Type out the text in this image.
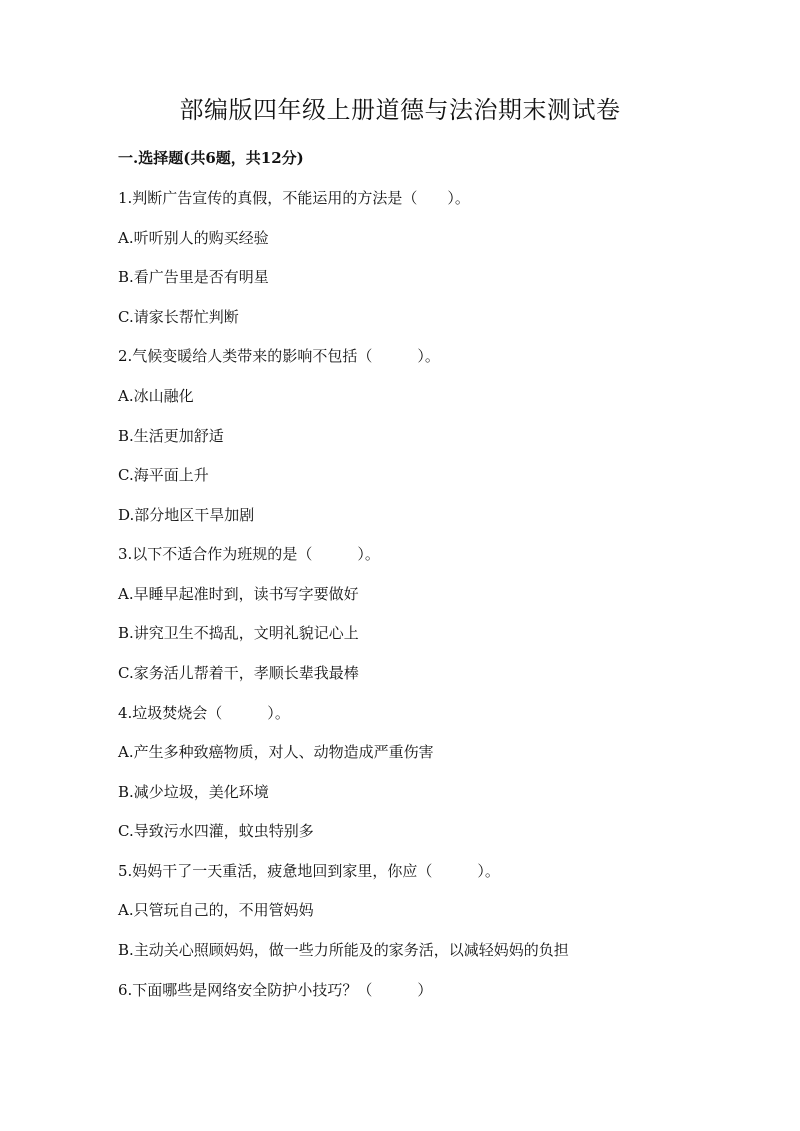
部编版四年级上册道德与法治期末测试卷
一.选择题(共6题，共12分)
1.判断广告宣传的真假，不能运用的方法是（　　）。
A.听听别人的购买经验
B.看广告里是否有明星
C.请家长帮忙判断
2.气候变暖给人类带来的影响不包括（　　　）。
A.冰山融化
B.生活更加舒适
C.海平面上升
D.部分地区干旱加剧
3.以下不适合作为班规的是（　　　）。
A.早睡早起准时到，读书写字要做好
B.讲究卫生不捣乱，文明礼貌记心上
C.家务活儿帮着干，孝顺长辈我最棒
4.垃圾焚烧会（　　　）。
A.产生多种致癌物质，对人、动物造成严重伤害
B.减少垃圾，美化环境
C.导致污水四灌，蚊虫特别多
5.妈妈干了一天重活，疲惫地回到家里，你应（　　　）。
A.只管玩自己的，不用管妈妈
B.主动关心照顾妈妈，做一些力所能及的家务活，以减轻妈妈的负担
6.下面哪些是网络安全防护小技巧？（　　　）
